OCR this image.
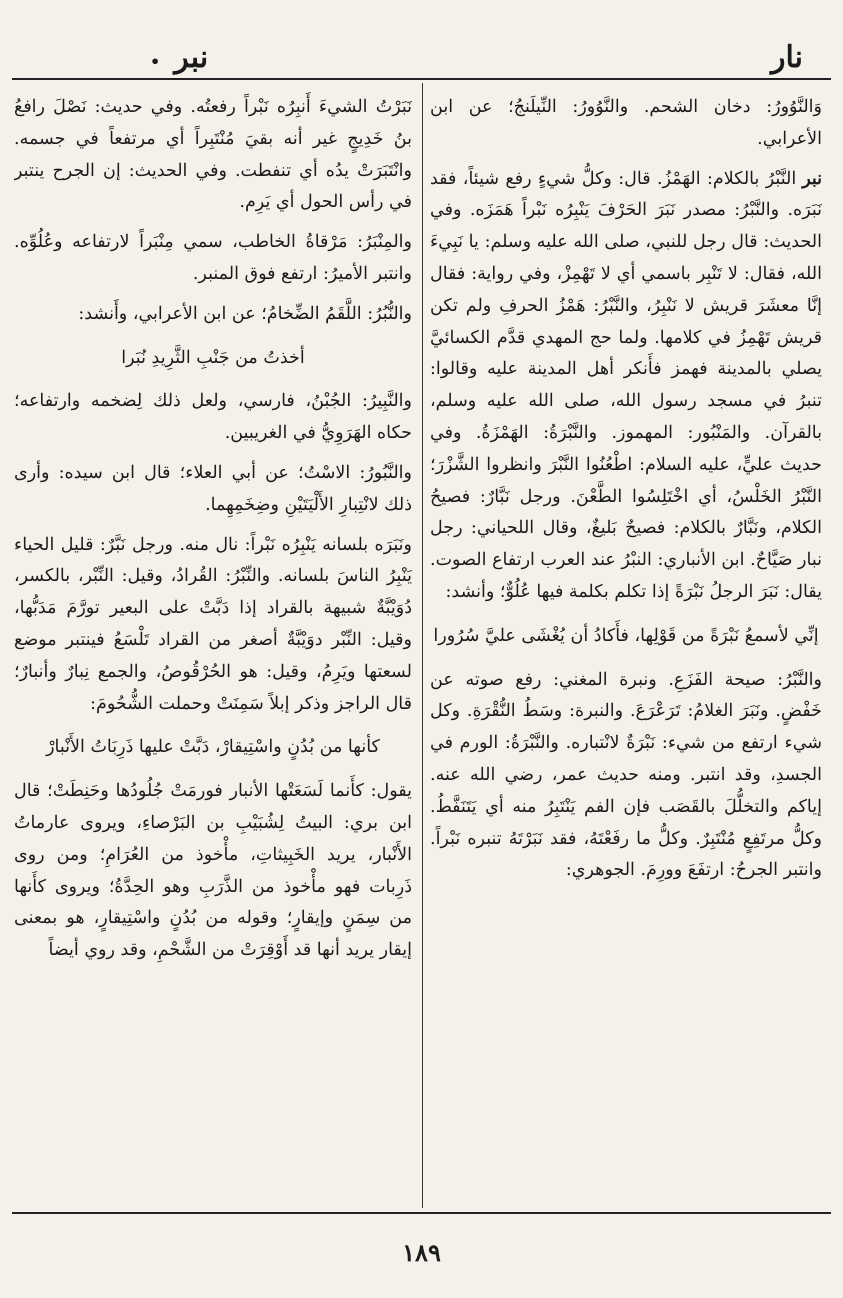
نار
نبر
•

وَالنَّوُورُ: دخان الشحم. والنَّوُورُ: النِّيلَنجُ؛ عن ابن الأعرابي.

نبرالنَّبْرُ بالكلام: الهَمْزُ. قال: وكلُّ شيءٍ رفع شيئاً، فقد نَبَرَه. والنَّبْرُ: مصدر نَبَرَ الحَرْفَ يَنْبِرُه نَبْراً هَمَزَه. وفي الحديث: قال رجل للنبي، صلى الله عليه وسلم: يا نَبِيءَ الله، فقال: لا تَنْبِر باسمي أي لا تَهْمِزْ، وفي رواية: فقال إنَّا معشَرَ قريش لا نَنْبِرُ، والنَّبْرُ: هَمْزُ الحرفِ ولم تكن قريش تَهْمِزُ في كلامها. ولما حج المهدي قدَّم الكسائيَّ يصلي بالمدينة فهمز فأَنكر أهل المدينة عليه وقالوا: تنبرُ في مسجد رسول الله، صلى الله عليه وسلم، بالقرآن. والمَنْبُور: المهموز. والنَّبْرَةُ: الهَمْزَةُ. وفي حديث عليٍّ، عليه السلام: اطْعُنُوا النَّبْرَ وانظروا الشَّزْرَ؛ النَّبْرُ الخَلْسُ، أي اخْتَلِسُوا الطَّعْنَ. ورجل نَبَّارٌ: فصيحُ الكلام، ونَبَّارٌ بالكلام: فصيحٌ بَليغٌ، وقال اللحياني: رجل نبار صَيَّاحٌ. ابن الأنباري: النبْرُ عند العرب ارتفاع الصوت. يقال: نَبَرَ الرجلُ نَبْرَةً إذا تكلم بكلمة فيها عُلُوٌّ؛ وأنشد:

إنِّي لأسمعُ نَبْرَةً من قَوْلِها، فأَكادُ أن يُغْشَى عليَّ سُرُورا

والنَّبْرُ: صيحة الفَزَعِ. ونبرة المغني: رفع صوته عن خَفْضٍ. ونَبَرَ الغلامُ: تَرَعْرَعَ. والنبرة: وسَطُ النُّقْرَةِ. وكل شيء ارتفع من شيء: نَبْرَةٌ لانْتباره. والنَّبْرَةُ: الورم في الجسدِ، وقد انتبر. ومنه حديث عمر، رضي الله عنه. إياكم والتخلُّلَ بالقَصَب فإن الفم يَنْتَبِرُ منه أي يَتَنَفَّطُ. وكلُّ مرتَفِعٍ مُنْتَبِرٌ. وكلُّ ما رفَعْتَهُ، فقد نَبَرْتَهُ تنبره نَبْراً. وانتبر الجرحُ: ارتفَعَ وورِمَ. الجوهري:

نَبَرْتُ الشيءَ أَنبِرُه نَبْراً رفعتُه. وفي حديث: نَصْلَ رافعُ بنُ خَدِيجٍ غير أنه بقيَ مُنْتَبِراً أي مرتفعاً في جسمه. وانْتَبَرَتْ يدُه أي تنفطت. وفي الحديث: إن الجرح ينتبر في رأس الحول أي يَرِم.

والمِنْبَرُ: مَرْقاةُ الخاطب، سمي مِنْبَراً لارتفاعه وعُلُوِّه. وانتبر الأميرُ: ارتفع فوق المنبر.

والنُّبُرُ: اللَّقَمُ الضِّخامُ؛ عن ابن الأعرابي، وأَنشد:

أخذتُ من جَنْبِ الثَّرِيدِ نُبَرا

والنَّبِيرُ: الجُبْنُ، فارسي، ولعل ذلك لِضخمه وارتفاعه؛ حكاه الهَرَوِيُّ في الغريبين.

والنَّبُورُ: الاسْتُ؛ عن أبي العلاء؛ قال ابن سيده: وأرى ذلك لانْتِبارِ الأَلْيَتَيْنِ وضِخَمِهِما.

ونَبَرَه بلسانه يَنْبِرُه نَبْراً: نال منه. ورجل نَبَّرٌ: قليل الحياء يَنْبِرُ الناسَ بلسانه. والنِّبْرُ: القُرادُ، وقيل: النِّبْر، بالكسر، دُوَيْبَّةٌ شبيهة بالقراد إذا دَبَّتْ على البعير تورَّمَ مَدَبُّها، وقيل: النِّبْر دوَيْبَّةٌ أصغر من القراد تَلْسَعُ فينتبر موضع لسعتها ويَرِمُ، وقيل: هو الحُرْقُوصُ، والجمع نِبارٌ وأنبارٌ؛ قال الراجز وذكر إبلاً سَمِنَتْ وحملت الشُّحُومَ:

كأنها من بُدُنٍ واسْتِيقارْ، دَبَّتْ عليها ذَرِبَاتُ الأَنْبارْ

يقول: كأَنما لَسَعَتْها الأنبار فورمَتْ جُلُودُها وحَنِطَتْ؛ قال ابن بري: البيتُ لِشُبَيْبِ بن البَرْصاءِ، ويروى عارماتُ الأَنْبار، يريد الخَبِيثاتِ، مأْخوذ من العُرَامِ؛ ومن روى ذَرِبات فهو مأْخوذ من الذَّرَبِ وهو الحِدَّةُ؛ ويروى كأَنها من سِمَنٍ وإيقارٍ؛ وقوله من بُدُنٍ واسْتِيقارٍ، هو بمعنى إيقار يريد أنها قد أَوْقِرَتْ من الشَّحْمِ، وقد روي أيضاً

١٨٩
